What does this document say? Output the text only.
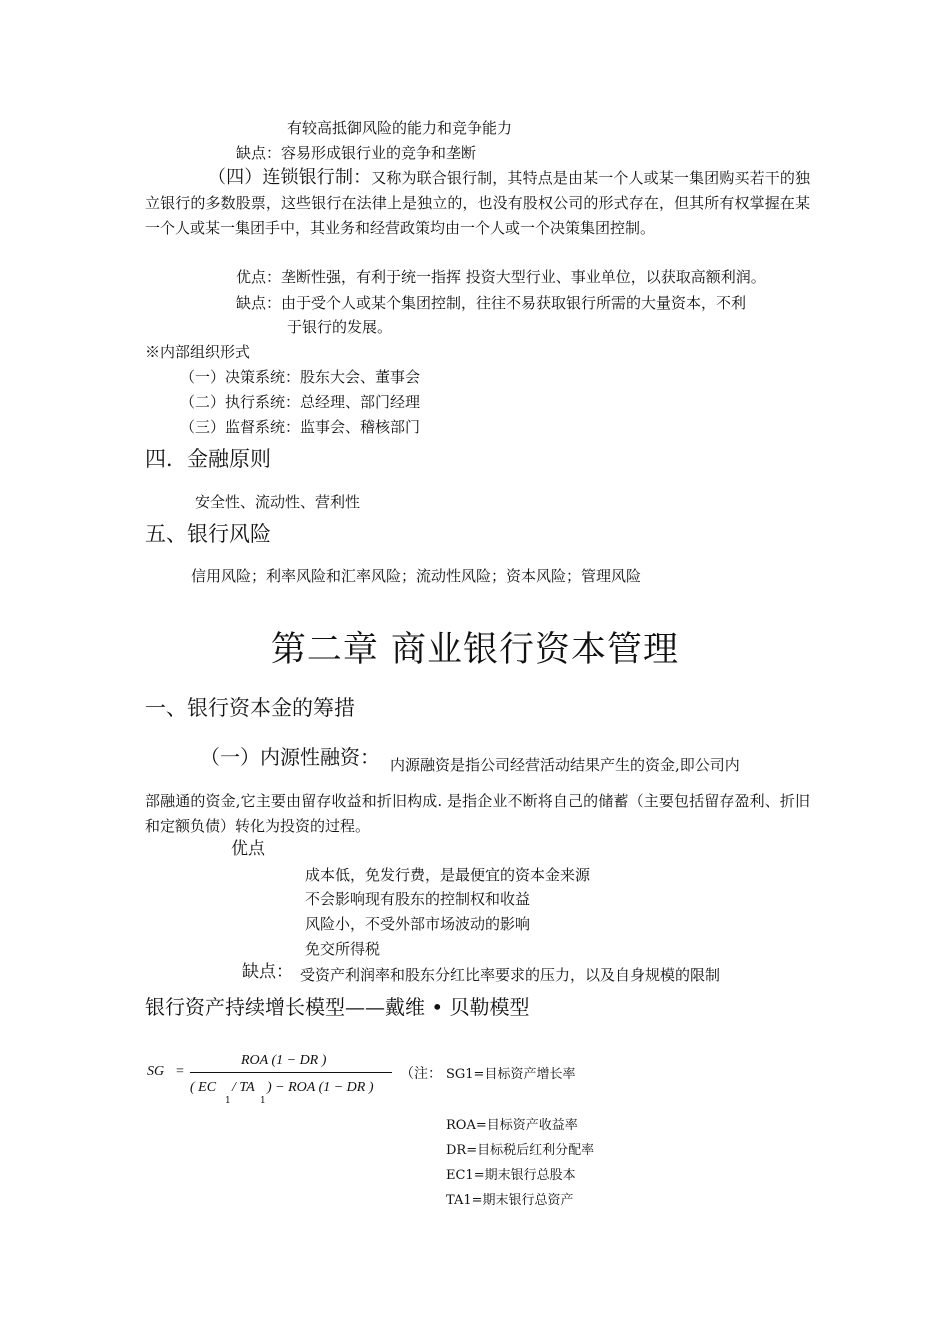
有较高抵御风险的能力和竞争能力
缺点：容易形成银行业的竞争和垄断
（四）连锁银行制：又称为联合银行制，其特点是由某一个人或某一集团购买若干的独立银行的多数股票，这些银行在法律上是独立的，也没有股权公司的形式存在，但其所有权掌握在某一个人或某一集团手中，其业务和经营政策均由一个人或一个决策集团控制。
优点：垄断性强，有利于统一指挥 投资大型行业、事业单位，以获取高额利润。
缺点：由于受个人或某个集团控制，往往不易获取银行所需的大量资本，不利
于银行的发展。
※内部组织形式
（一）决策系统：股东大会、董事会
（二）执行系统：总经理、部门经理
（三）监督系统：监事会、稽核部门
四．金融原则
安全性、流动性、营利性
五、银行风险
信用风险；利率风险和汇率风险；流动性风险；资本风险；管理风险
第二章 商业银行资本管理
一、银行资本金的筹措
（一）内源性融资： 内源融资是指公司经营活动结果产生的资金,即公司内
部融通的资金,它主要由留存收益和折旧构成. 是指企业不断将自己的储蓄（主要包括留存盈利、折旧和定额负债）转化为投资的过程。
优点
成本低，免发行费，是最便宜的资本金来源
不会影响现有股东的控制权和收益
风险小，不受外部市场波动的影响
免交所得税
缺点： 受资产利润率和股东分红比率要求的压力，以及自身规模的限制
银行资产持续增长模型——戴维 • 贝勒模型
SG =
ROA (1 − DR )
( EC
1
/ TA
1
) − ROA (1 − DR )
（注： SG1=目标资产增长率
ROA=目标资产收益率
DR=目标税后红利分配率
EC1=期末银行总股本
TA1=期末银行总资产
